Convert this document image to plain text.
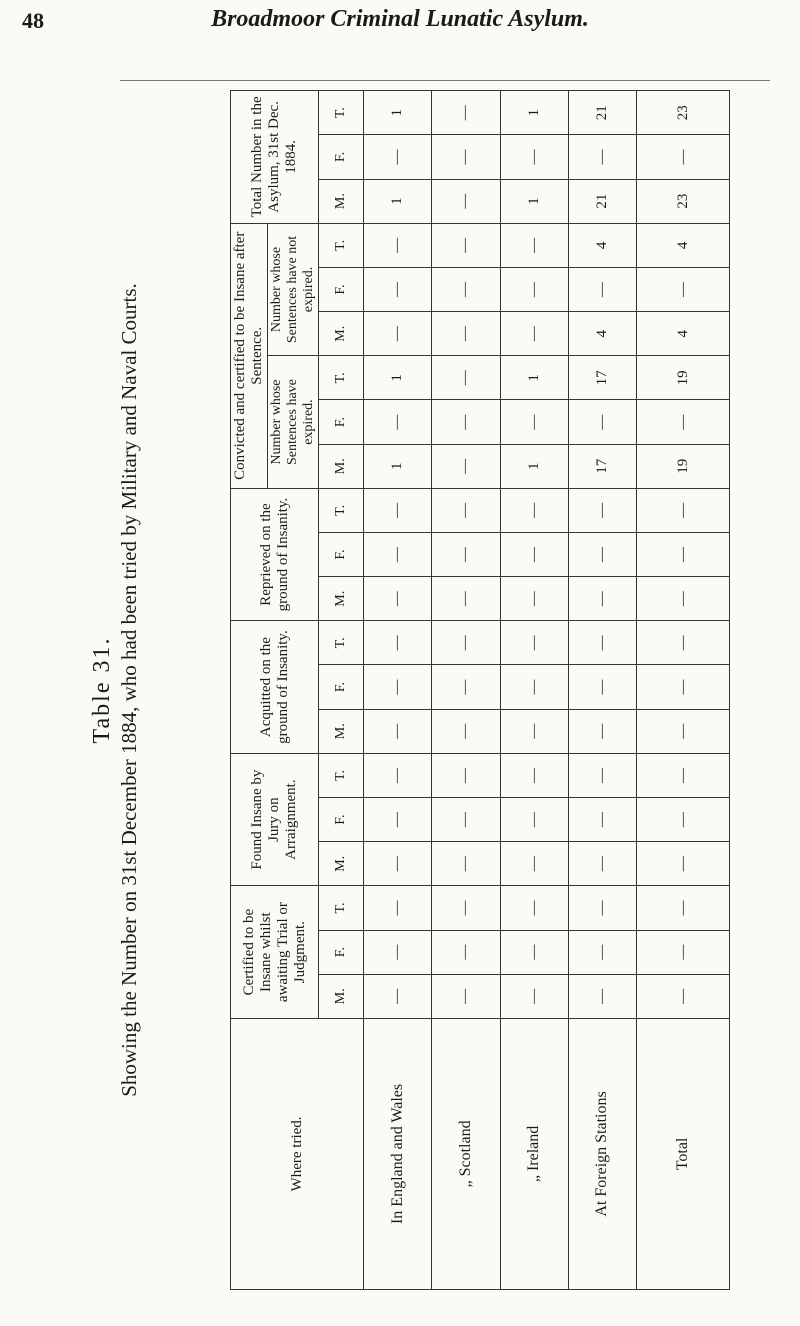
48	Broadmoor Criminal Lunatic Asylum.
Table 31. Showing the Number on 31st December 1884, who had been tried by Military and Naval Courts.
Where tried.	Certified to be Insane whilst awaiting Trial or Judgment.			Found Insane by Jury on Arraignment.			Acquitted on the ground of Insanity.			Reprieved on the ground of Insanity.			Convicted and certified to be Insane after Sentence.						Total Number in the Asylum, 31st Dec. 1884.		
													Number whose Sentences have expired.			Number whose Sentences have not expired.					
	M.	F.	T.	M.	F.	T.	M.	F.	T.	M.	F.	T.	M.	F.	T.	M.	F.	T.	M.	F.	T.
In England and Wales	—	—	—	—	—	—	—	—	—	—	—	—	1	—	1	—	—	—	1	—	1
„ Scotland	—	—	—	—	—	—	—	—	—	—	—	—	—	—	—	—	—	—	—	—	—
„ Ireland	—	—	—	—	—	—	—	—	—	—	—	—	1	—	1	—	—	—	1	—	1
At Foreign Stations	—	—	—	—	—	—	—	—	—	—	—	—	17	—	17	4	—	4	21	—	21
Total	—	—	—	—	—	—	—	—	—	—	—	—	19	—	19	4	—	4	23	—	23
